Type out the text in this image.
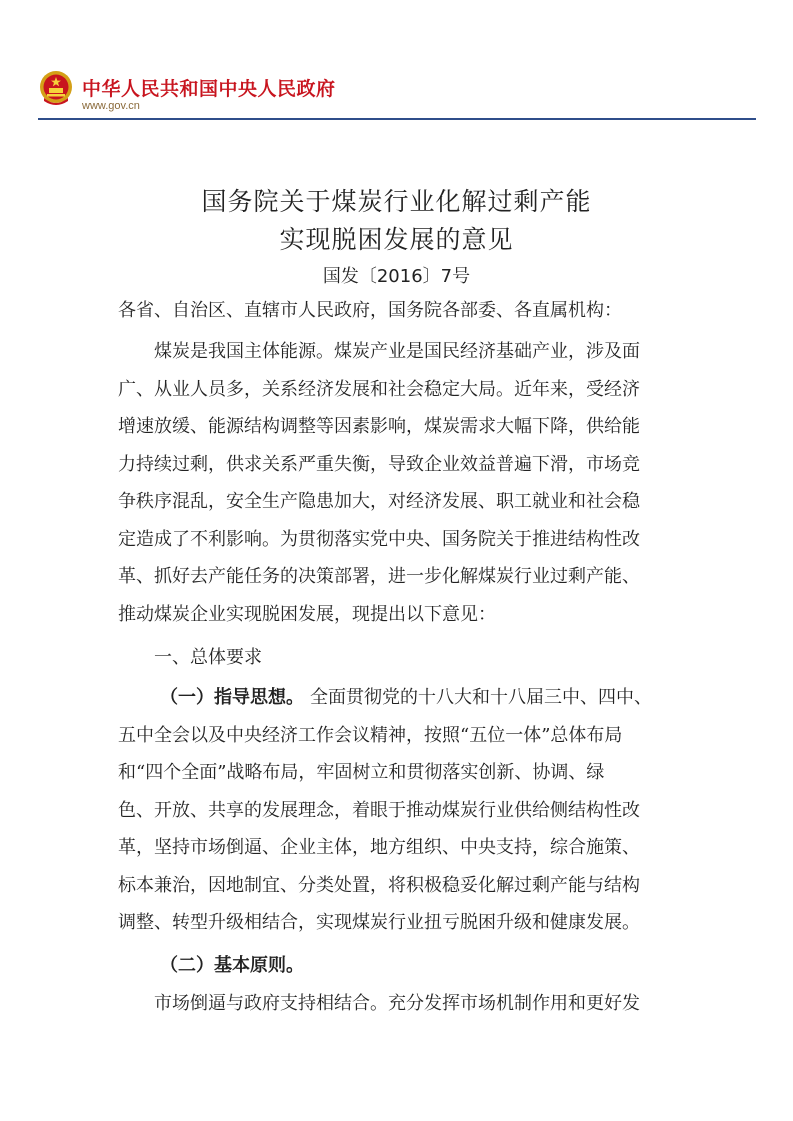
中华人民共和国中央人民政府
www.gov.cn
国务院关于煤炭行业化解过剩产能
实现脱困发展的意见
国发〔2016〕7号
各省、自治区、直辖市人民政府，国务院各部委、各直属机构：
煤炭是我国主体能源。煤炭产业是国民经济基础产业，涉及面
广、从业人员多，关系经济发展和社会稳定大局。近年来，受经济
增速放缓、能源结构调整等因素影响，煤炭需求大幅下降，供给能
力持续过剩，供求关系严重失衡，导致企业效益普遍下滑，市场竞
争秩序混乱，安全生产隐患加大，对经济发展、职工就业和社会稳
定造成了不利影响。为贯彻落实党中央、国务院关于推进结构性改
革、抓好去产能任务的决策部署，进一步化解煤炭行业过剩产能、
推动煤炭企业实现脱困发展，现提出以下意见：
一、总体要求
（一）指导思想。 全面贯彻党的十八大和十八届三中、四中、
五中全会以及中央经济工作会议精神，按照“五位一体”总体布局
和“四个全面”战略布局，牢固树立和贯彻落实创新、协调、绿
色、开放、共享的发展理念，着眼于推动煤炭行业供给侧结构性改
革，坚持市场倒逼、企业主体，地方组织、中央支持，综合施策、
标本兼治，因地制宜、分类处置，将积极稳妥化解过剩产能与结构
调整、转型升级相结合，实现煤炭行业扭亏脱困升级和健康发展。
（二）基本原则。
市场倒逼与政府支持相结合。充分发挥市场机制作用和更好发
